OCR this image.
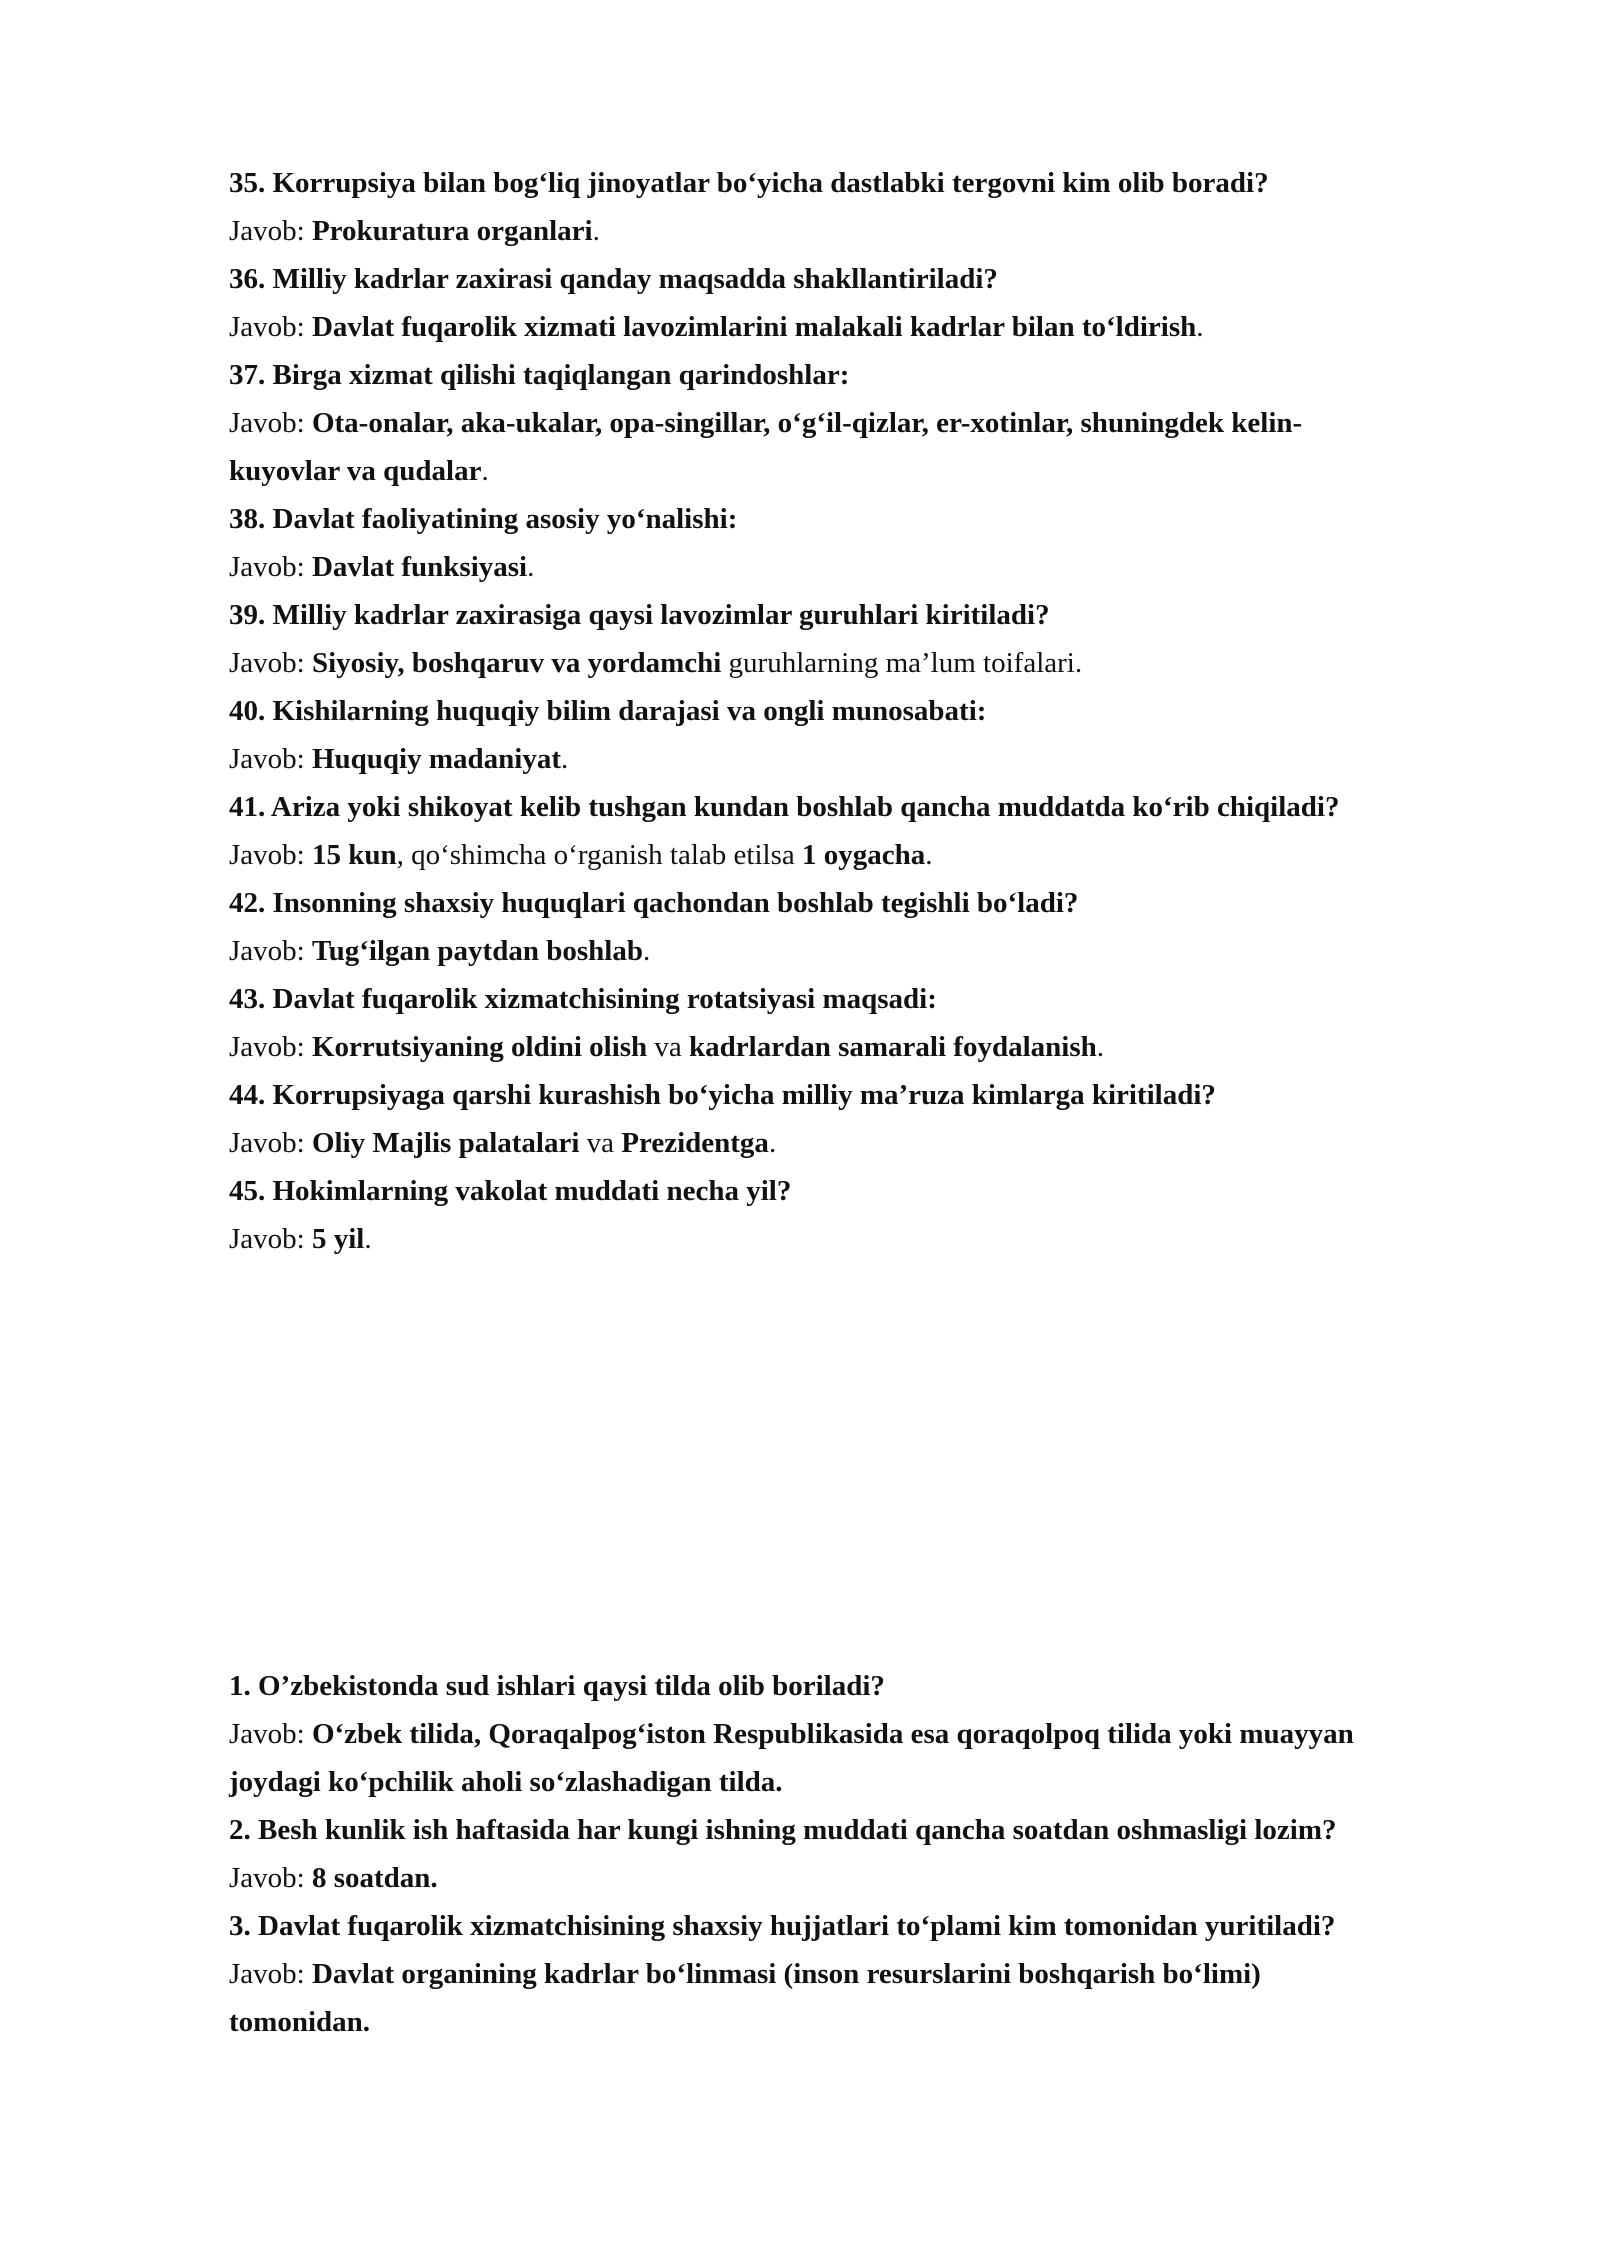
35. Korrupsiya bilan bog‘liq jinoyatlar bo‘yicha dastlabki tergovni kim olib boradi?
Javob: Prokuratura organlari.
36. Milliy kadrlar zaxirasi qanday maqsadda shakllantiriladi?
Javob: Davlat fuqarolik xizmati lavozimlarini malakali kadrlar bilan to‘ldirish.
37. Birga xizmat qilishi taqiqlangan qarindoshlar:
Javob: Ota-onalar, aka-ukalar, opa-singillar, o‘g‘il-qizlar, er-xotinlar, shuningdek kelin-
kuyovlar va qudalar.
38. Davlat faoliyatining asosiy yo‘nalishi:
Javob: Davlat funksiyasi.
39. Milliy kadrlar zaxirasiga qaysi lavozimlar guruhlari kiritiladi?
Javob: Siyosiy, boshqaruv va yordamchi guruhlarning ma’lum toifalari.
40. Kishilarning huquqiy bilim darajasi va ongli munosabati:
Javob: Huquqiy madaniyat.
41. Ariza yoki shikoyat kelib tushgan kundan boshlab qancha muddatda ko‘rib chiqiladi?
Javob: 15 kun, qo‘shimcha o‘rganish talab etilsa 1 oygacha.
42. Insonning shaxsiy huquqlari qachondan boshlab tegishli bo‘ladi?
Javob: Tug‘ilgan paytdan boshlab.
43. Davlat fuqarolik xizmatchisining rotatsiyasi maqsadi:
Javob: Korrutsiyaning oldini olish va kadrlardan samarali foydalanish.
44. Korrupsiyaga qarshi kurashish bo‘yicha milliy ma’ruza kimlarga kiritiladi?
Javob: Oliy Majlis palatalari va Prezidentga.
45. Hokimlarning vakolat muddati necha yil?
Javob: 5 yil.
1. O’zbekistonda sud ishlari qaysi tilda olib boriladi?
Javob: O‘zbek tilida, Qoraqalpog‘iston Respublikasida esa qoraqolpoq tilida yoki muayyan
joydagi ko‘pchilik aholi so‘zlashadigan tilda.
2. Besh kunlik ish haftasida har kungi ishning muddati qancha soatdan oshmasligi lozim?
Javob: 8 soatdan.
3. Davlat fuqarolik xizmatchisining shaxsiy hujjatlari to‘plami kim tomonidan yuritiladi?
Javob: Davlat organining kadrlar bo‘linmasi (inson resurslarini boshqarish bo‘limi)
tomonidan.
